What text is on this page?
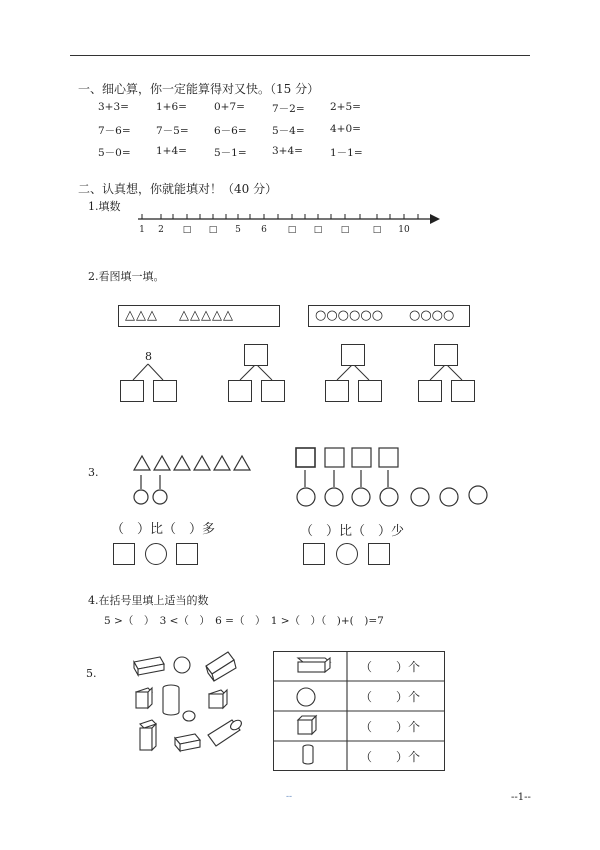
一、细心算，你一定能算得对又快。（15 分）
3+3=	1+6=	0+7=	7－2= 2+5=
7－6= 7－5= 6－6= 5－4= 4+0=
5－0= 1+4=	5－1= 3+4=	1－1=
二、认真想，你就能填对！（40 分）
1.填数
1	2	□	□	5	6	□	□	□	□	10
2.看图填一填。
△△△ △△△△△	○○○○○○ ○○○○
8
3.
（　）比（　）多	（　）比（　）少
4.在括号里填上适当的数
5 >（　）　3 <（　）　6 =（　）　1 >（　）（　)+(　)=7
5.	（　　）个
（　　）个
（　　）个
（　　）个
--	--1--
